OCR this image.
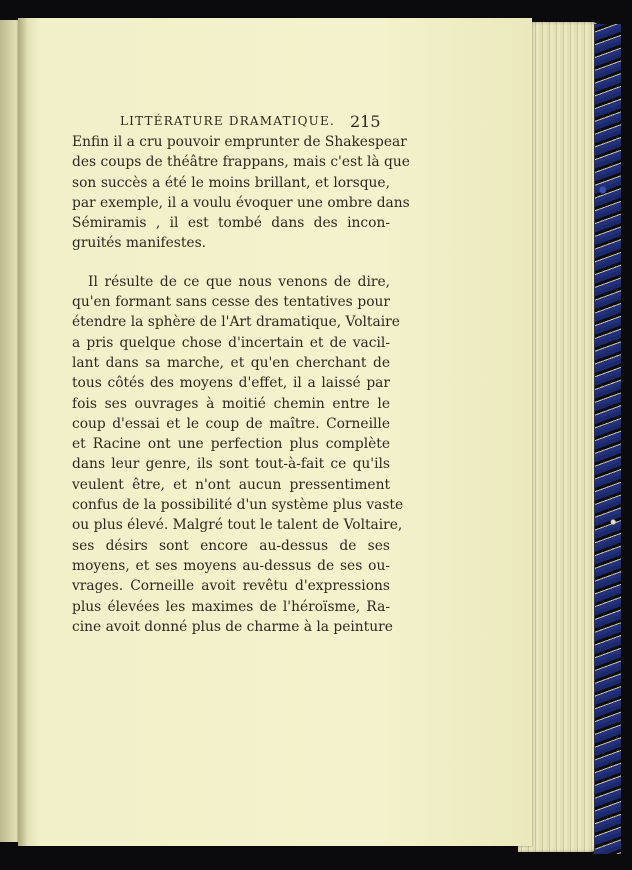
LITTÉRATURE DRAMATIQUE. 215
Enfin il a cru pouvoir emprunter de Shakespear
des coups de théâtre frappans, mais c'est là que
son succès a été le moins brillant, et lorsque,
par exemple, il a voulu évoquer une ombre dans
Sémiramis , il est tombé dans des incon-
gruités manifestes.
Il résulte de ce que nous venons de dire,
qu'en formant sans cesse des tentatives pour
étendre la sphère de l'Art dramatique, Voltaire
a pris quelque chose d'incertain et de vacil-
lant dans sa marche, et qu'en cherchant de
tous côtés des moyens d'effet, il a laissé par
fois ses ouvrages à moitié chemin entre le
coup d'essai et le coup de maître. Corneille
et Racine ont une perfection plus complète
dans leur genre, ils sont tout-à-fait ce qu'ils
veulent être, et n'ont aucun pressentiment
confus de la possibilité d'un système plus vaste
ou plus élevé. Malgré tout le talent de Voltaire,
ses désirs sont encore au-dessus de ses
moyens, et ses moyens au-dessus de ses ou-
vrages. Corneille avoit revêtu d'expressions
plus élevées les maximes de l'héroïsme, Ra-
cine avoit donné plus de charme à la peinture
